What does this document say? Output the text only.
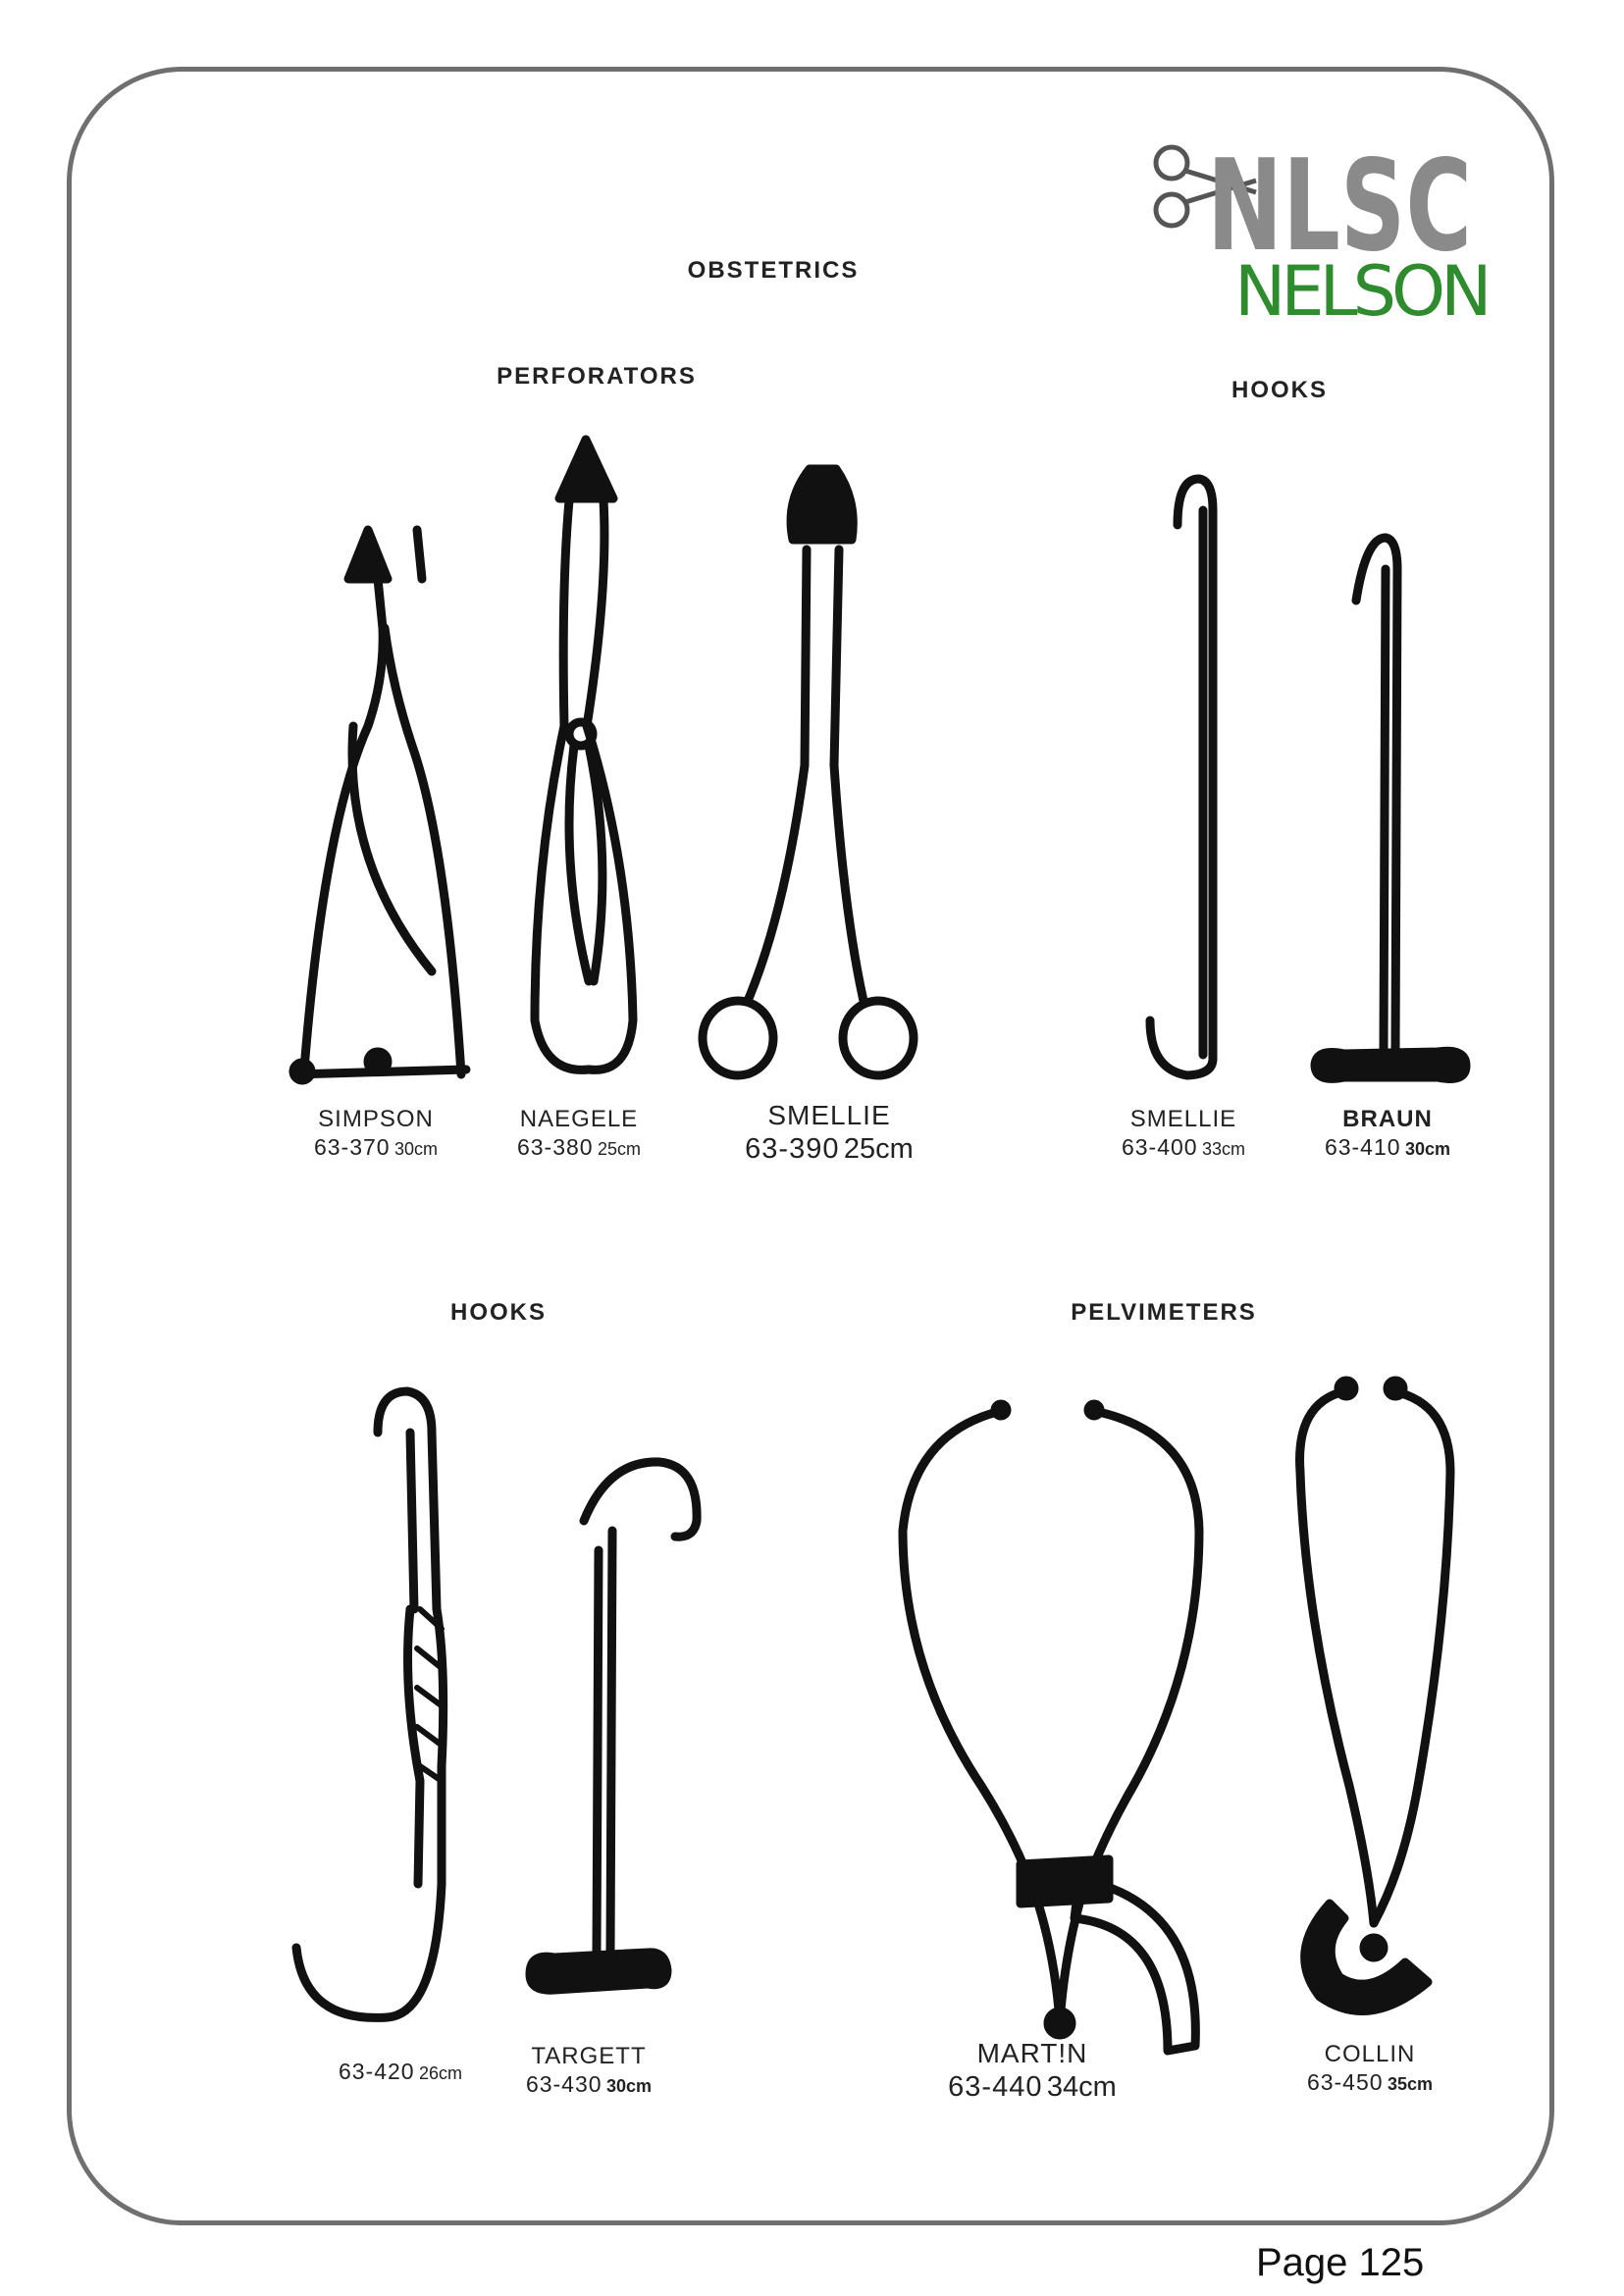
NLSC
NELSON
OBSTETRICS
PERFORATORS
HOOKS
HOOKS	PELVIMETERS
SIMPSON
63-370 30cm
NAEGELE
63-380 25cm
SMELLIE
63-390 25cm
SMELLIE
63-400 33cm
BRAUN
63-410 30cm
63-420 26cm
TARGETT
63-430 30cm
MART!N
63-440 34cm
COLLIN
63-450 35cm
Page 125
